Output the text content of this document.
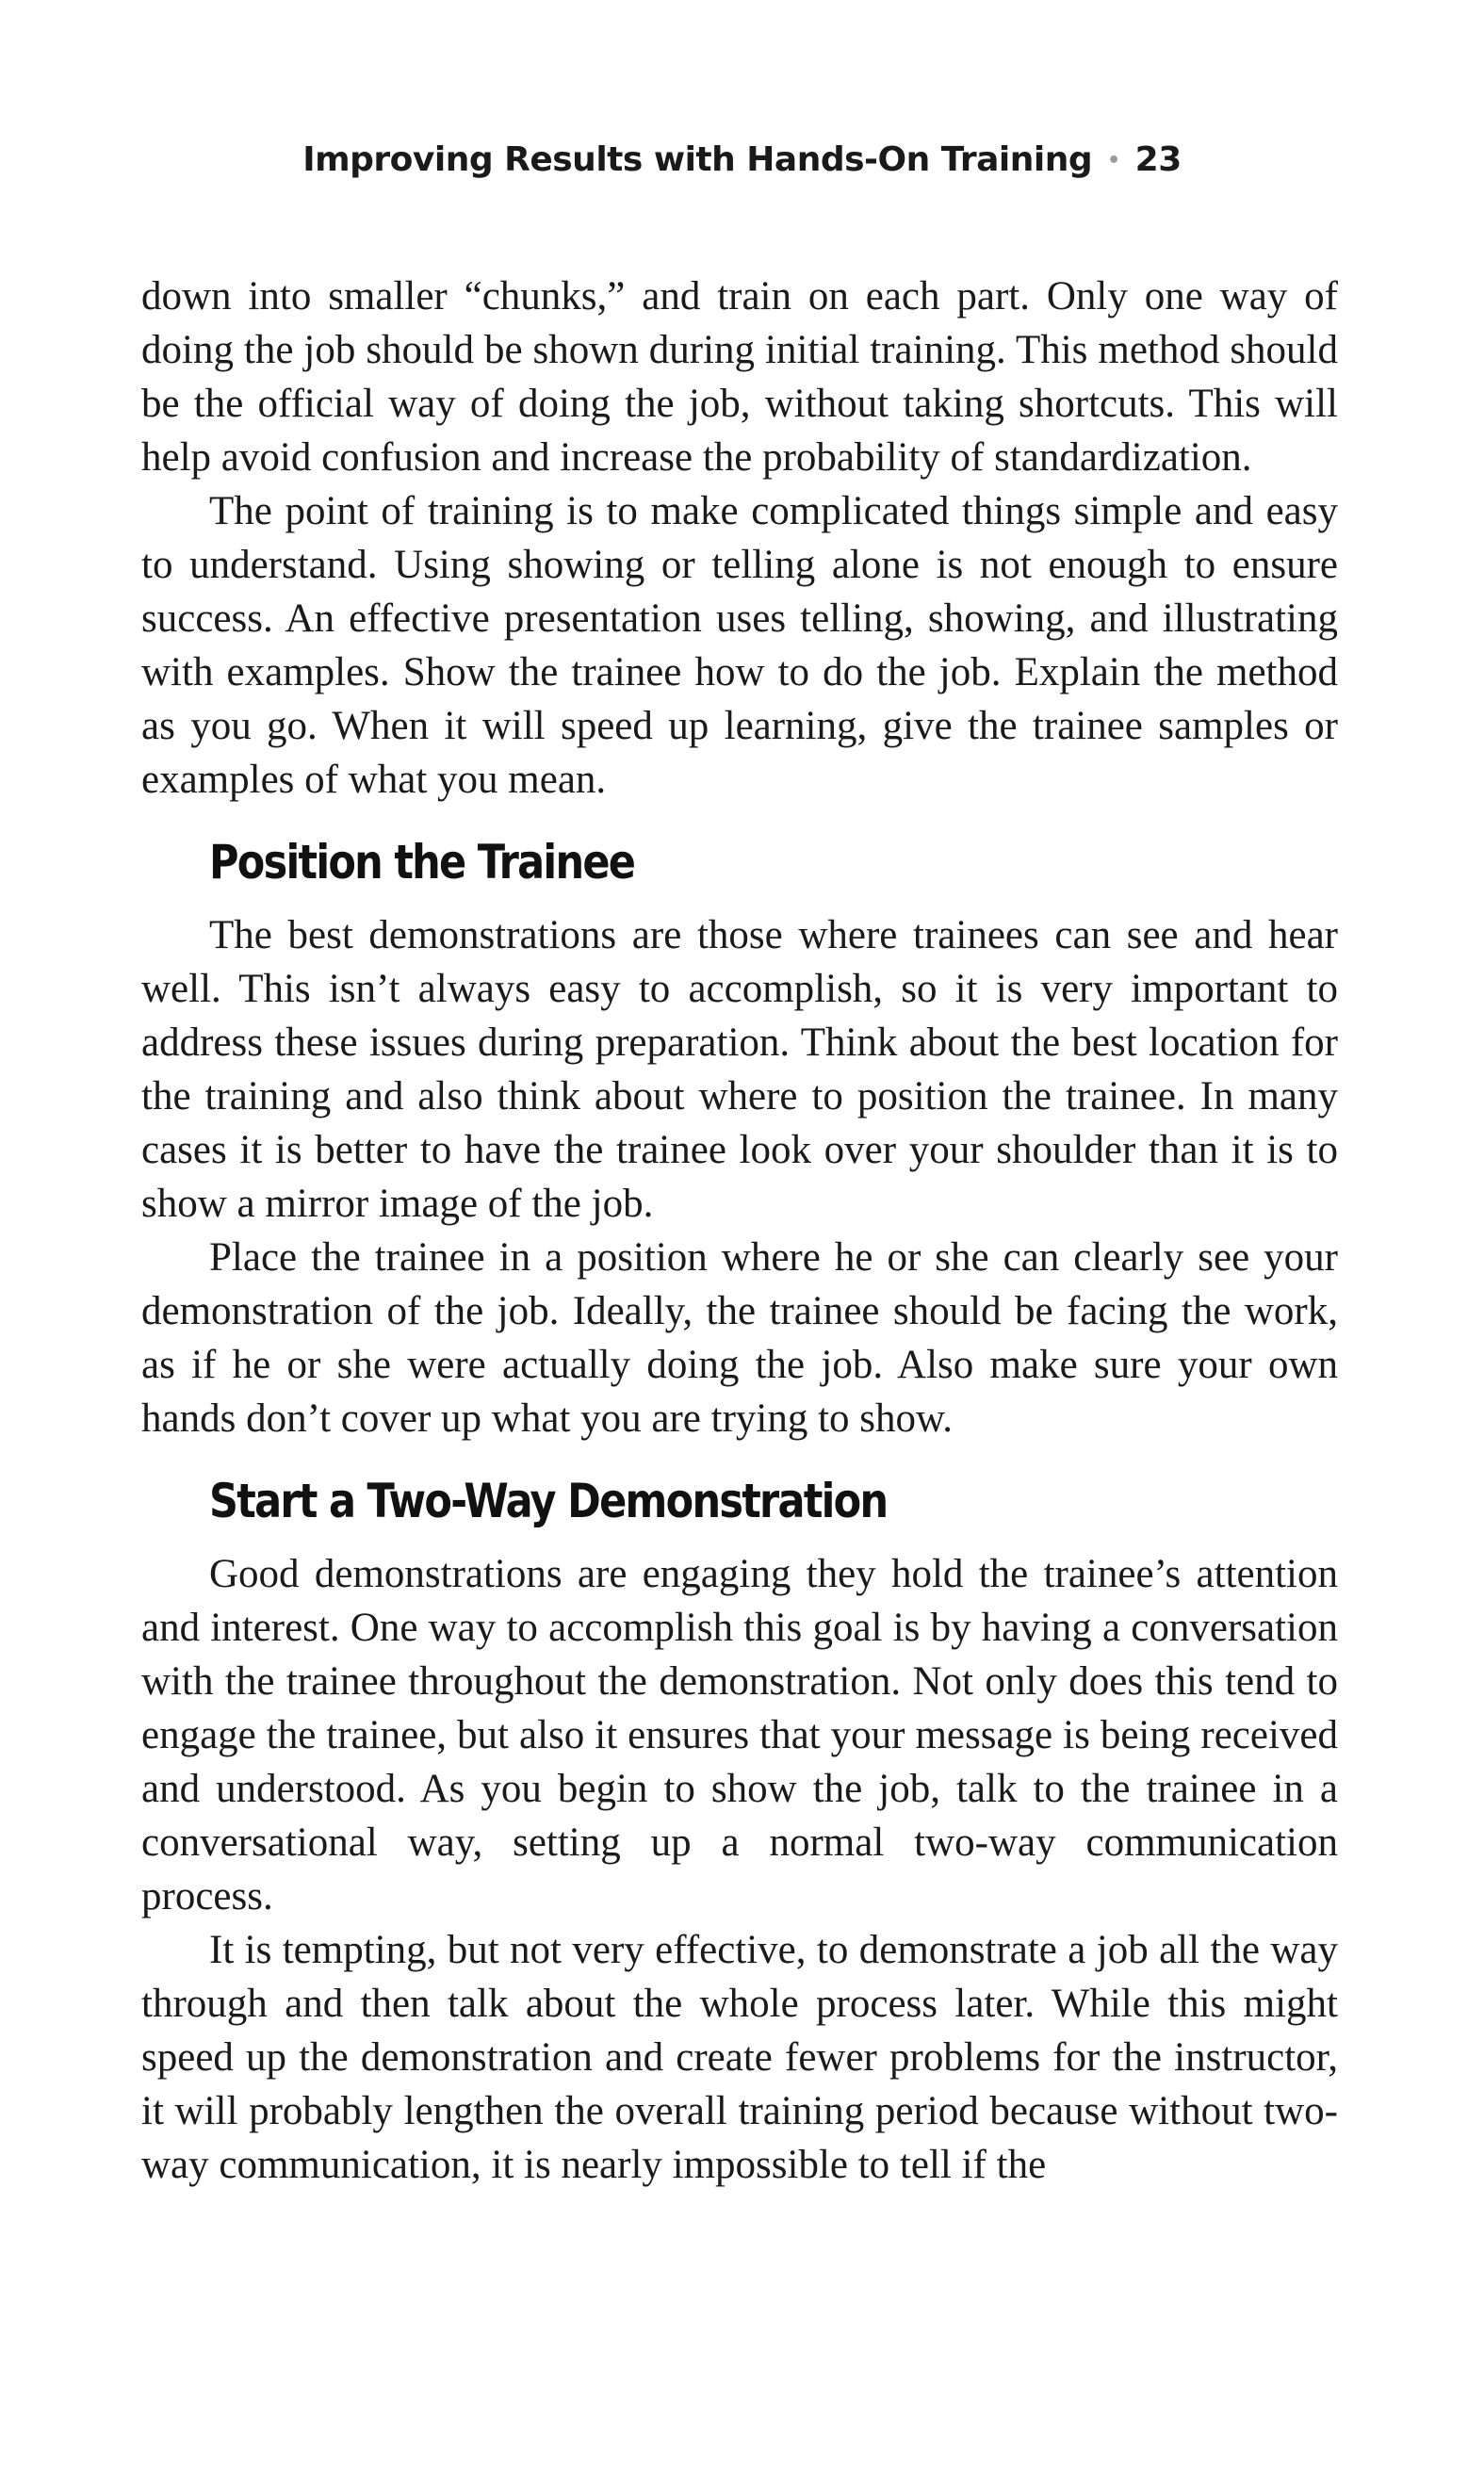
Improving Results with Hands-On Training • 23

down into smaller “chunks,” and train on each part. Only one way of doing the job should be shown during initial training. This method should be the official way of doing the job, without taking shortcuts. This will help avoid confusion and increase the probability of standardization.

The point of training is to make complicated things simple and easy to understand. Using showing or telling alone is not enough to ensure success. An effective presentation uses telling, showing, and illustrating with examples. Show the trainee how to do the job. Explain the method as you go. When it will speed up learning, give the trainee samples or examples of what you mean.

Position the Trainee

The best demonstrations are those where trainees can see and hear well. This isn’t always easy to accomplish, so it is very important to address these issues during preparation. Think about the best location for the training and also think about where to position the trainee. In many cases it is better to have the trainee look over your shoulder than it is to show a mirror image of the job.

Place the trainee in a position where he or she can clearly see your demonstration of the job. Ideally, the trainee should be facing the work, as if he or she were actually doing the job. Also make sure your own hands don’t cover up what you are trying to show.

Start a Two-Way Demonstration

Good demonstrations are engaging they hold the trainee’s attention and interest. One way to accomplish this goal is by having a conversation with the trainee throughout the demonstration. Not only does this tend to engage the trainee, but also it ensures that your message is being received and understood. As you begin to show the job, talk to the trainee in a conversational way, setting up a normal two-way communication process.

It is tempting, but not very effective, to demonstrate a job all the way through and then talk about the whole process later. While this might speed up the demonstration and create fewer problems for the instructor, it will probably lengthen the overall training period because without two-way communication, it is nearly impossible to tell if the
